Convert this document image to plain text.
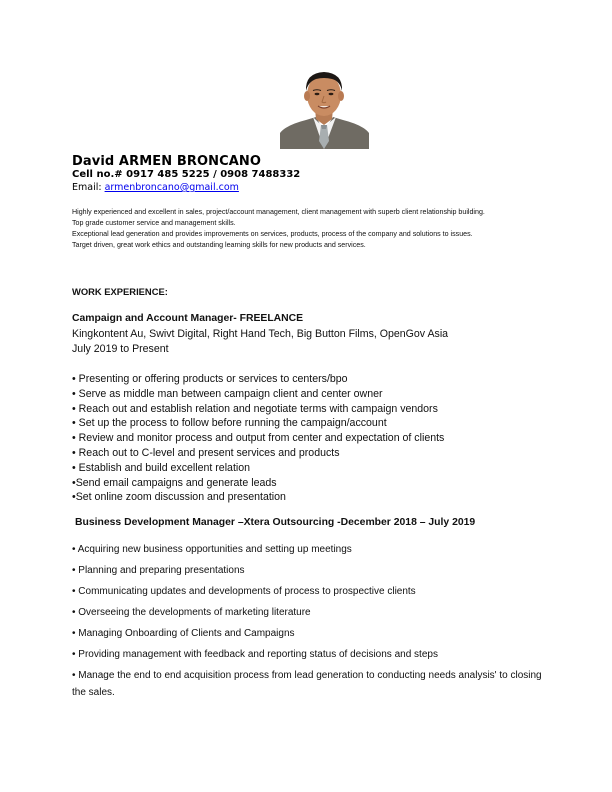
David ARMEN BRONCANO
Cell no.# 0917 485 5225 / 0908 7488332
Email: armenbroncano@gmail.com

Highly experienced and excellent in sales, project/account management, client management with superb client relationship building.

Top grade customer service and management skills.

Exceptional lead generation and provides improvements on services, products, process of the company and solutions to issues.

Target driven, great work ethics and outstanding learning skills for new products and services.

WORK EXPERIENCE:
Campaign and Account Manager- FREELANCE
Kingkontent Au, Swivt Digital, Right Hand Tech, Big Button Films, OpenGov Asia
July 2019 to Present
• Presenting or offering products or services to centers/bpo
• Serve as middle man between campaign client and center owner
• Reach out and establish relation and negotiate terms with campaign vendors
• Set up the process to follow before running the campaign/account
• Review and monitor process and output from center and expectation of clients
• Reach out to C-level and present services and products
• Establish and build excellent relation
•Send email campaigns and generate leads
•Set online zoom discussion and presentation
Business Development Manager –Xtera Outsourcing -December 2018 – July 2019
• Acquiring new business opportunities and setting up meetings
• Planning and preparing presentations
• Communicating updates and developments of process to prospective clients
• Overseeing the developments of marketing literature
• Managing Onboarding of Clients and Campaigns
• Providing management with feedback and reporting status of decisions and steps
• Manage the end to end acquisition process from lead generation to conducting needs analysis' to closing the sales.
